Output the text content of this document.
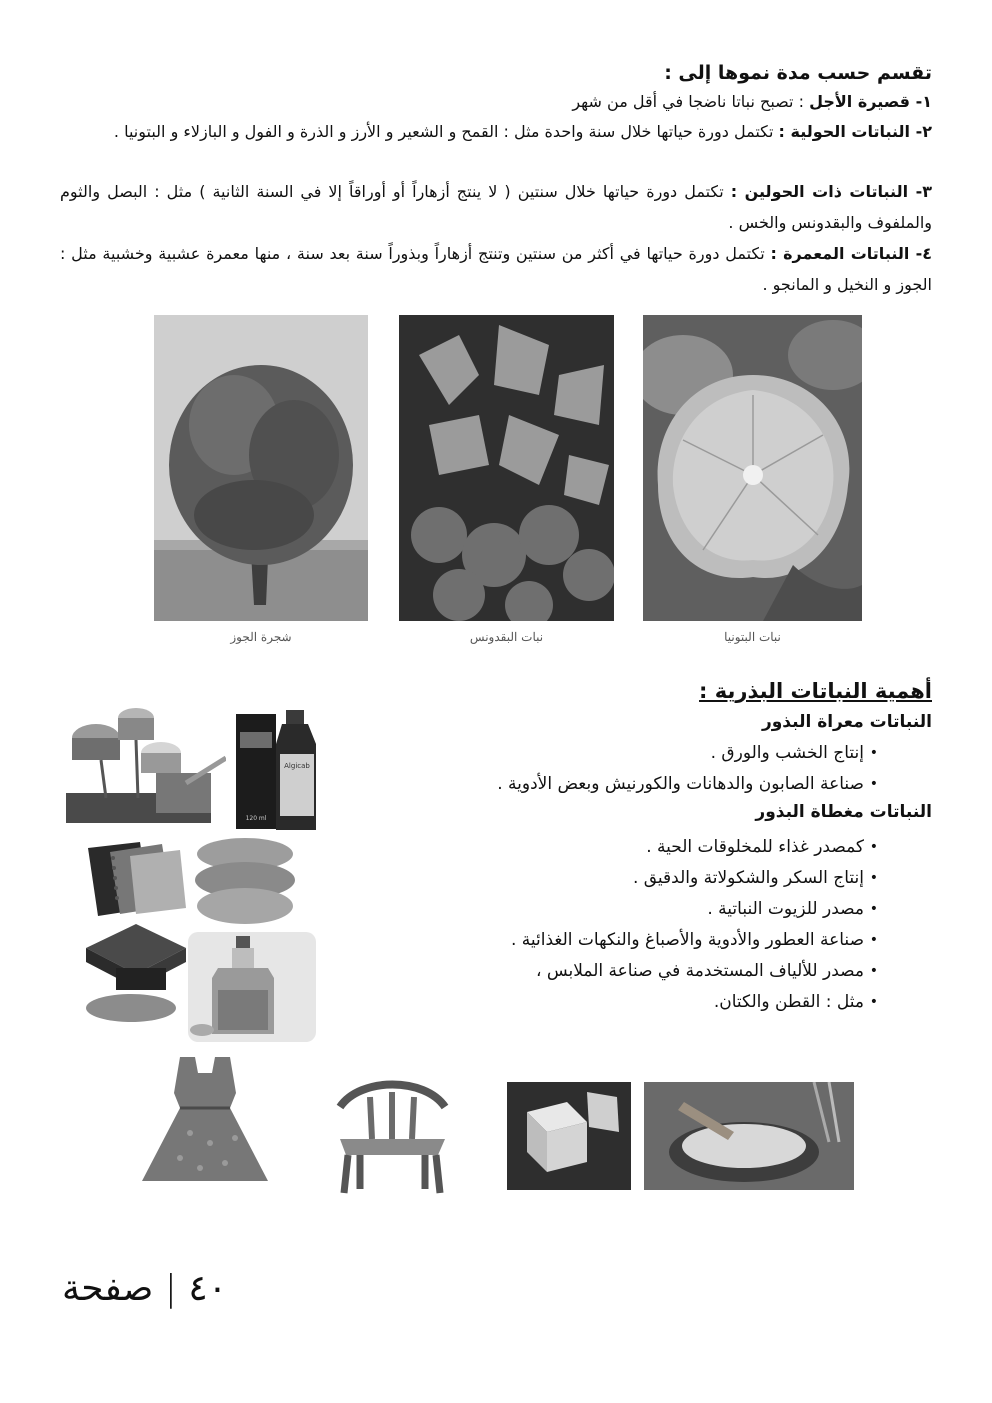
تقسم حسب مدة نموها إلى :
١- قصيرة الأجل : تصبح نباتا ناضجا في أقل من شهر
٢- النباتات الحولية : تكتمل دورة حياتها خلال سنة واحدة مثل : القمح و الشعير و الأرز و الذرة و الفول و البازلاء و البتونيا .
٣- النباتات ذات الحولين : تكتمل دورة حياتها خلال سنتين ( لا ينتج أزهاراً أو أوراقاً إلا في السنة الثانية ) مثل : البصل والثوم والملفوف والبقدونس والخس .
٤- النباتات المعمرة : تكتمل دورة حياتها في أكثر من سنتين وتنتج أزهاراً وبذوراً سنة بعد سنة ، منها معمرة عشبية وخشبية مثل : الجوز و النخيل و المانجو .
نبات البتونيا
نبات البقدونس
شجرة الجوز
أهمية النباتات البذرية :
النباتات معراة البذور
•
إنتاج الخشب والورق .
•
صناعة الصابون والدهانات والكورنيش وبعض الأدوية .
النباتات مغطاة البذور
•
كمصدر غذاء للمخلوقات الحية .
•
إنتاج السكر والشكولاتة والدقيق .
•
مصدر للزيوت النباتية .
•
صناعة العطور والأدوية والأصباغ والنكهات الغذائية .
•
مصدر للألياف المستخدمة في صناعة الملابس ،
•
مثل : القطن والكتان.
Algicab
120 ml
٤٠ | صفحة
